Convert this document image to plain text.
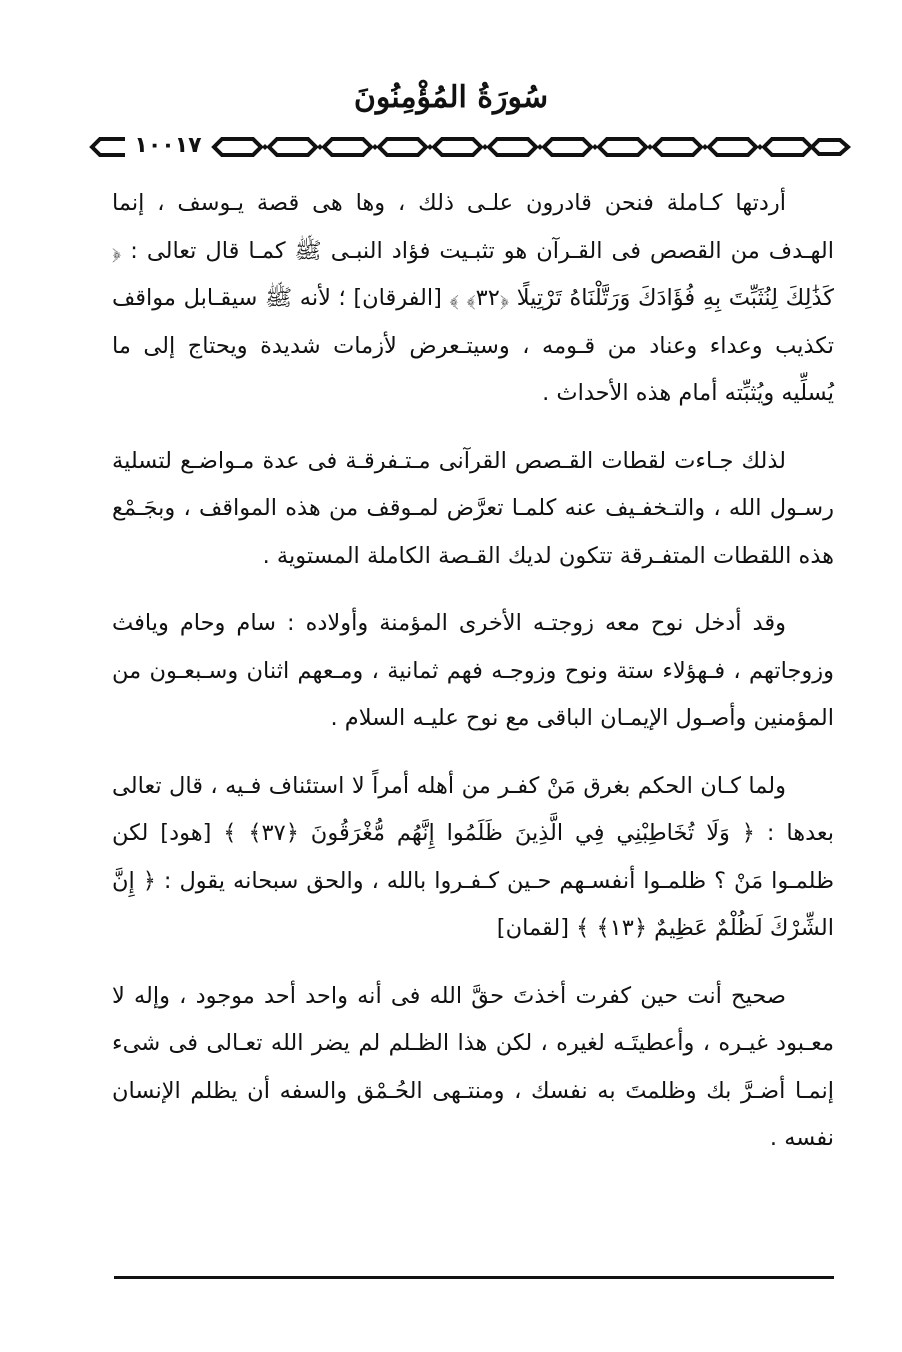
سُورَةُ المُؤْمِنُونَ
١٠٠١٧

أردتها كـاملة فنحن قادرون علـى ذلك ، وها هى قصة يـوسف ، إنما الهـدف من القصص فى القـرآن هو تثبـيت فؤاد النبـى ﷺ كمـا قال تعالى : ﴿ كَذَٰلِكَ لِنُثَبِّتَ بِهِ فُؤَادَكَ وَرَتَّلْنَاهُ تَرْتِيلًا ﴿٣٢﴾ ﴾ [الفرقان] ؛ لأنه ﷺ سيقـابل مواقف تكذيب وعداء وعناد من قـومه ، وسيتـعرض لأزمات شديدة ويحتاج إلى ما يُسلِّيه ويُثبِّته أمام هذه الأحداث .

لذلك جـاءت لقطات القـصص القرآنى مـتـفرقـة فى عدة مـواضـع لتسلية رسـول الله ، والتـخفـيف عنه كلمـا تعرَّض لمـوقف من هذه المواقف ، وبجَـمْع هذه اللقطات المتفـرقة تتكون لديك القـصة الكاملة المستوية .

وقد أدخل نوح معه زوجتـه الأخرى المؤمنة وأولاده : سام وحام ويافث وزوجاتهم ، فـهؤلاء ستة ونوح وزوجـه فهم ثمانية ، ومـعهم اثنان وسـبعـون من المؤمنين وأصـول الإيمـان الباقى مع نوح عليـه السلام .

ولما كـان الحكم بغرق مَنْ كفـر من أهله أمراً لا استئناف فـيه ، قال تعالى بعدها : ﴿ وَلَا تُخَاطِبْنِي فِي الَّذِينَ ظَلَمُوا إِنَّهُم مُّغْرَقُونَ ﴿٣٧﴾ ﴾ [هود] لكن ظلمـوا مَنْ ؟ ظلمـوا أنفسـهم حـين كـفـروا بالله ، والحق سبحانه يقول : ﴿ إِنَّ الشِّرْكَ لَظُلْمٌ عَظِيمٌ ﴿١٣﴾ ﴾ [لقمان]

صحيح أنت حين كفرت أخذتَ حقَّ الله فى أنه واحد أحد موجود ، وإله لا معـبود غيـره ، وأعطيتَـه لغيره ، لكن هذا الظـلم لم يضر الله تعـالى فى شىء إنمـا أضـرَّ بك وظلمتَ به نفسك ، ومنتـهى الحُـمْق والسفه أن يظلم الإنسان نفسه .
